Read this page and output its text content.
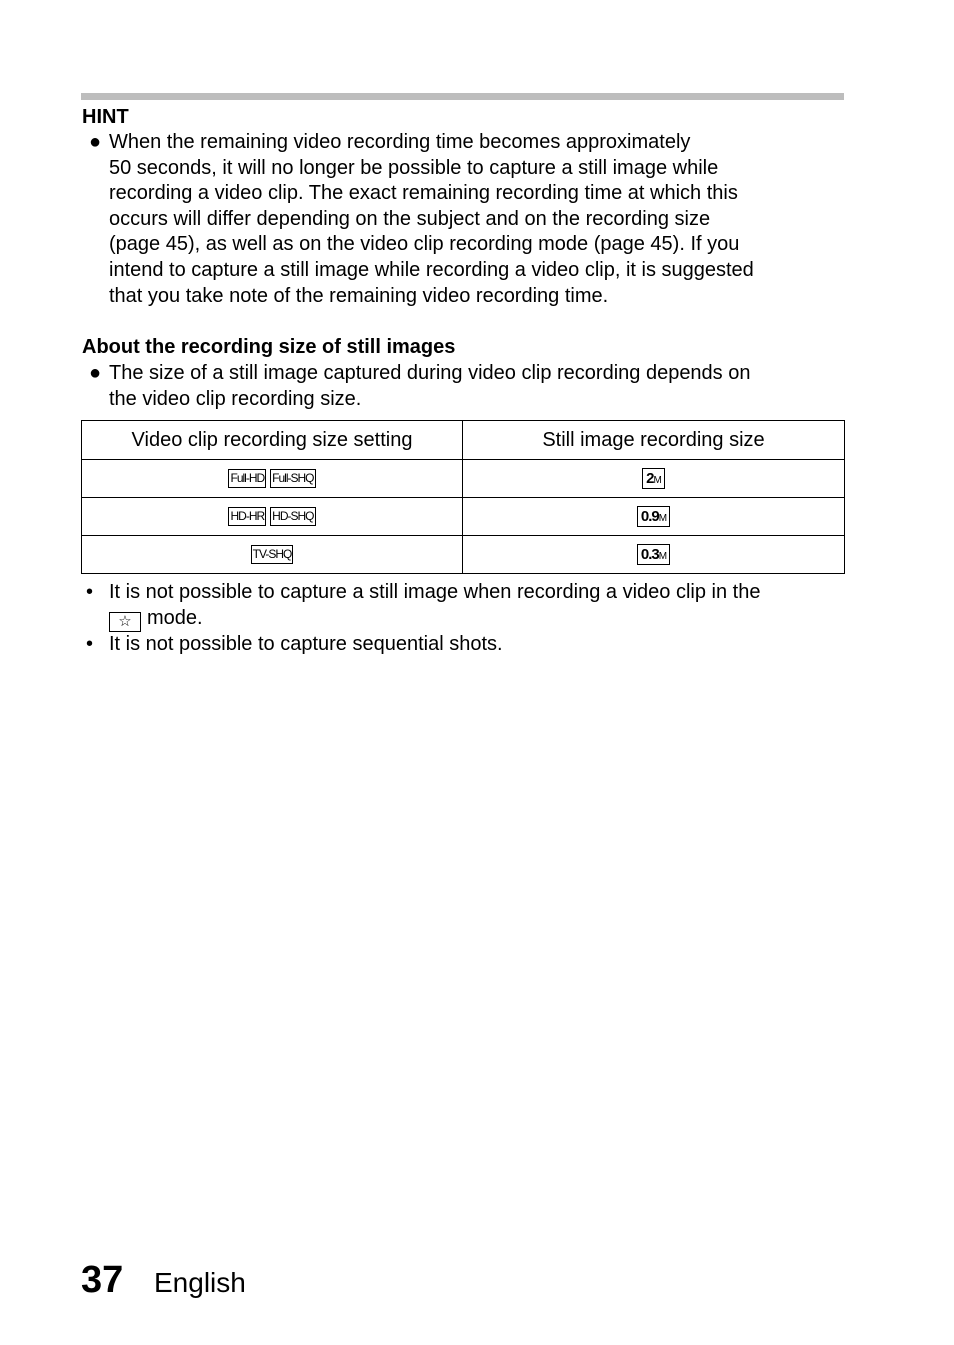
HINT
● When the remaining video recording time becomes approximately
50 seconds, it will no longer be possible to capture a still image while
recording a video clip. The exact remaining recording time at which this
occurs will differ depending on the subject and on the recording size
(page 45), as well as on the video clip recording mode (page 45). If you
intend to capture a still image while recording a video clip, it is suggested
that you take note of the remaining video recording time.
About the recording size of still images
● The size of a still image captured during video clip recording depends on
the video clip recording size.
Video clip recording size setting	Still image recording size
Full-HD Full-SHQ	2M
HD-HR HD-SHQ	0.9M
TV-SHQ	0.3M
• It is not possible to capture a still image when recording a video clip in the
☆ mode.
• It is not possible to capture sequential shots.
37 English
